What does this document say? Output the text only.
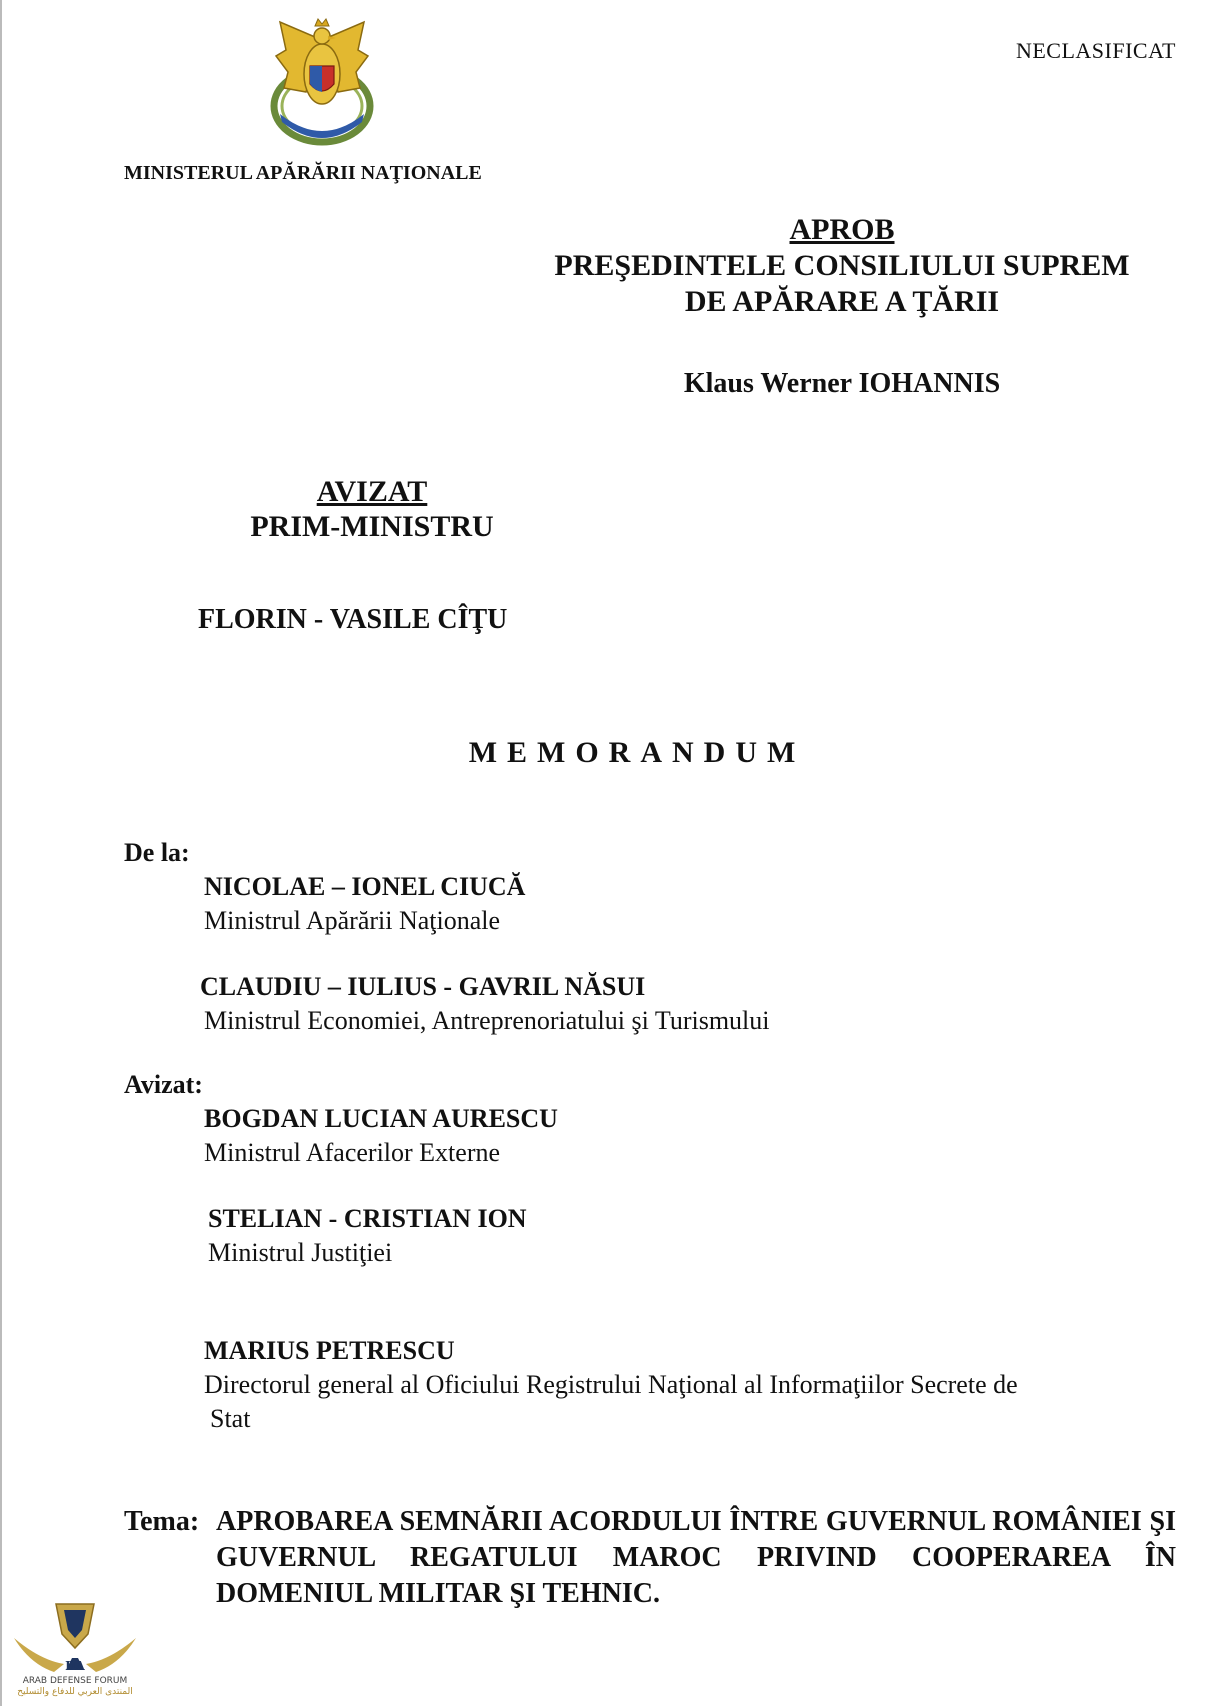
NECLASIFICAT
MINISTERUL APĂRĂRII NAŢIONALE
APROB
PREŞEDINTELE CONSILIULUI SUPREM
DE APĂRARE A ŢĂRII
Klaus Werner IOHANNIS
AVIZAT
PRIM-MINISTRU
FLORIN - VASILE CÎŢU
MEMORANDUM
De la:
NICOLAE – IONEL CIUCĂ
Ministrul Apărării Naţionale
CLAUDIU – IULIUS - GAVRIL NĂSUI
Ministrul Economiei, Antreprenoriatului şi Turismului
Avizat:
BOGDAN LUCIAN AURESCU
Ministrul Afacerilor Externe
STELIAN - CRISTIAN ION
Ministrul Justiţiei
MARIUS PETRESCU
Directorul general al Oficiului Registrului Naţional al Informaţiilor Secrete de
Stat
Tema: APROBAREA SEMNĂRII ACORDULUI ÎNTRE GUVERNUL ROMÂNIEI ŞI GUVERNUL REGATULUI MAROC PRIVIND COOPERAREA ÎN DOMENIUL MILITAR ŞI TEHNIC.
DA
ARAB DEFENSE FORUM
المنتدى العربي للدفاع والتسليح
